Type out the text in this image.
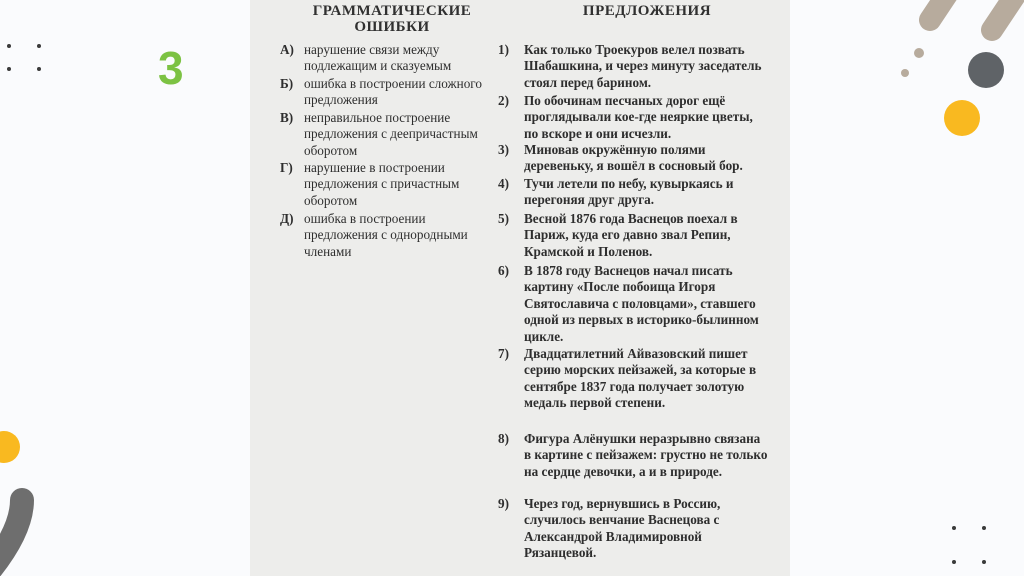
3
ГРАММАТИЧЕСКИЕ
ОШИБКИ
ПРЕДЛОЖЕНИЯ
А) нарушение связи между подлежащим и сказуемым
Б) ошибка в построении сложного предложения
В) неправильное построение предложения с деепричастным оборотом
Г) нарушение в построении предложения с причастным оборотом
Д) ошибка в построении предложения с однородными членами
1)	Как только Троекуров велел позвать Шабашкина, и через минуту заседатель стоял перед барином.
2)	По обочинам песчаных дорог ещё проглядывали кое-где неяркие цветы, по вскоре и они исчезли.
3)	Миновав окружённую полями деревеньку, я вошёл в сосновый бор.
4)	Тучи летели по небу, кувыркаясь и перегоняя друг друга.
5)	Весной 1876 года Васнецов поехал в Париж, куда его давно звал Репин, Крамской и Поленов.
6)	В 1878 году Васнецов начал писать картину «После побоища Игоря Святославича с половцами», ставшего одной из первых в историко-былинном цикле.
7)	Двадцатилетний Айвазовский пишет серию морских пейзажей, за которые в сентябре 1837 года получает золотую медаль первой степени.
8)	Фигура Алёнушки неразрывно связана в картине с пейзажем: грустно не только на сердце девочки, а и в природе.
9)	Через год, вернувшись в Россию, случилось венчание Васнецова с Александрой Владимировной Рязанцевой.
